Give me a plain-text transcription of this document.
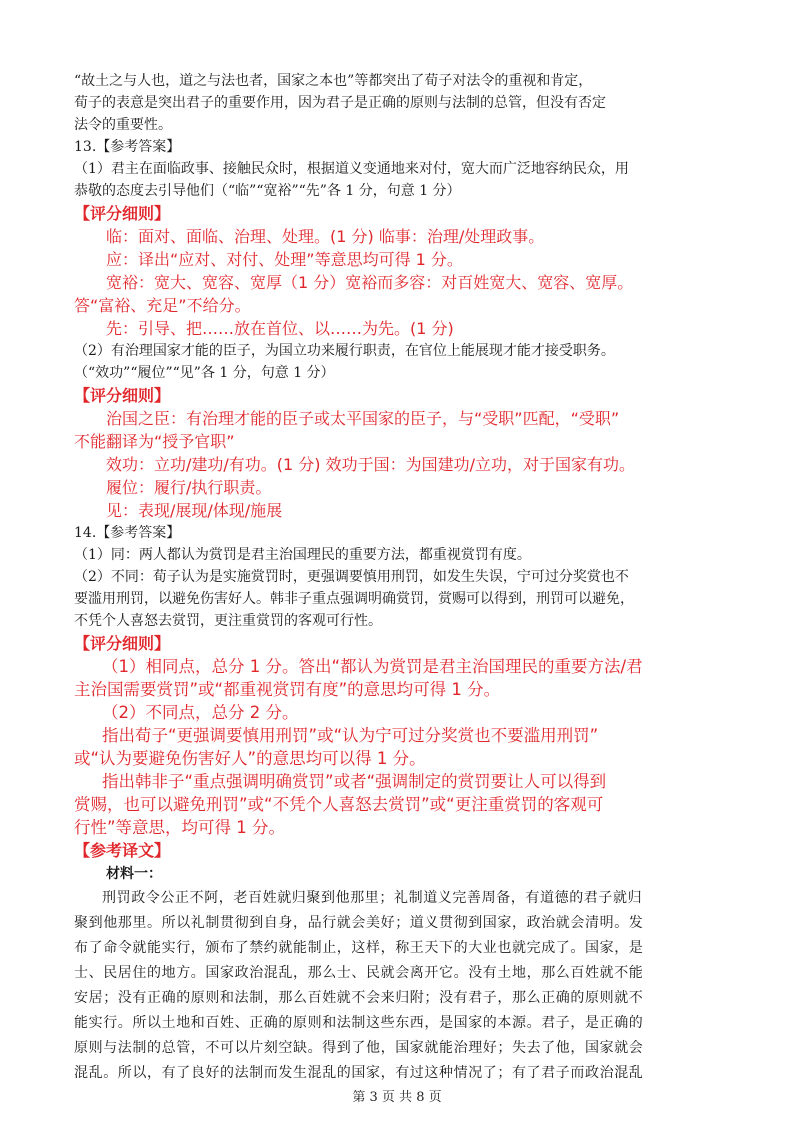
“故土之与人也，道之与法也者，国家之本也”等都突出了荀子对法令的重视和肯定，
荀子的表意是突出君子的重要作用，因为君子是正确的原则与法制的总管，但没有否定
法令的重要性。
13.【参考答案】
（1）君主在面临政事、接触民众时，根据道义变通地来对付，宽大而广泛地容纳民众，用
恭敬的态度去引导他们（“临”“宽裕”“先”各 1 分，句意 1 分）
【评分细则】
临：面对、面临、治理、处理。(1 分) 临事：治理/处理政事。
应：译出“应对、对付、处理”等意思均可得 1 分。
宽裕：宽大、宽容、宽厚（1 分）宽裕而多容：对百姓宽大、宽容、宽厚。
答“富裕、充足”不给分。
先：引导、把……放在首位、以……为先。(1 分)
（2）有治理国家才能的臣子，为国立功来履行职责，在官位上能展现才能才接受职务。
（“效功”“履位”“见”各 1 分，句意 1 分）
【评分细则】
治国之臣：有治理才能的臣子或太平国家的臣子，与“受职”匹配，“受职”
不能翻译为“授予官职”
效功：立功/建功/有功。(1 分) 效功于国：为国建功/立功，对于国家有功。
履位：履行/执行职责。
见：表现/展现/体现/施展
14.【参考答案】
（1）同：两人都认为赏罚是君主治国理民的重要方法，都重视赏罚有度。
（2）不同：荀子认为是实施赏罚时，更强调要慎用刑罚，如发生失误，宁可过分奖赏也不
要滥用刑罚，以避免伤害好人。韩非子重点强调明确赏罚，赏赐可以得到，刑罚可以避免，
不凭个人喜怒去赏罚，更注重赏罚的客观可行性。
【评分细则】
（1）相同点，总分 1 分。答出“都认为赏罚是君主治国理民的重要方法/君
主治国需要赏罚”或“都重视赏罚有度”的意思均可得 1 分。
（2）不同点，总分 2 分。
指出荀子“更强调要慎用刑罚”或“认为宁可过分奖赏也不要滥用刑罚”
或“认为要避免伤害好人”的意思均可以得 1 分。
指出韩非子“重点强调明确赏罚”或者“强调制定的赏罚要让人可以得到
赏赐，也可以避免刑罚”或“不凭个人喜怒去赏罚”或“更注重赏罚的客观可
行性”等意思，均可得 1 分。
【参考译文】
材料一：
刑罚政令公正不阿，老百姓就归聚到他那里；礼制道义完善周备，有道德的君子就归
聚到他那里。所以礼制贯彻到自身，品行就会美好；道义贯彻到国家，政治就会清明。发
布了命令就能实行，颁布了禁约就能制止，这样，称王天下的大业也就完成了。国家，是
士、民居住的地方。国家政治混乱，那么士、民就会离开它。没有土地，那么百姓就不能
安居；没有正确的原则和法制，那么百姓就不会来归附；没有君子，那么正确的原则就不
能实行。所以土地和百姓、正确的原则和法制这些东西，是国家的本源。君子，是正确的
原则与法制的总管，不可以片刻空缺。得到了他，国家就能治理好；失去了他，国家就会
混乱。所以，有了良好的法制而发生混乱的国家，有过这种情况了；有了君子而政治混乱
第 3 页 共 8 页
